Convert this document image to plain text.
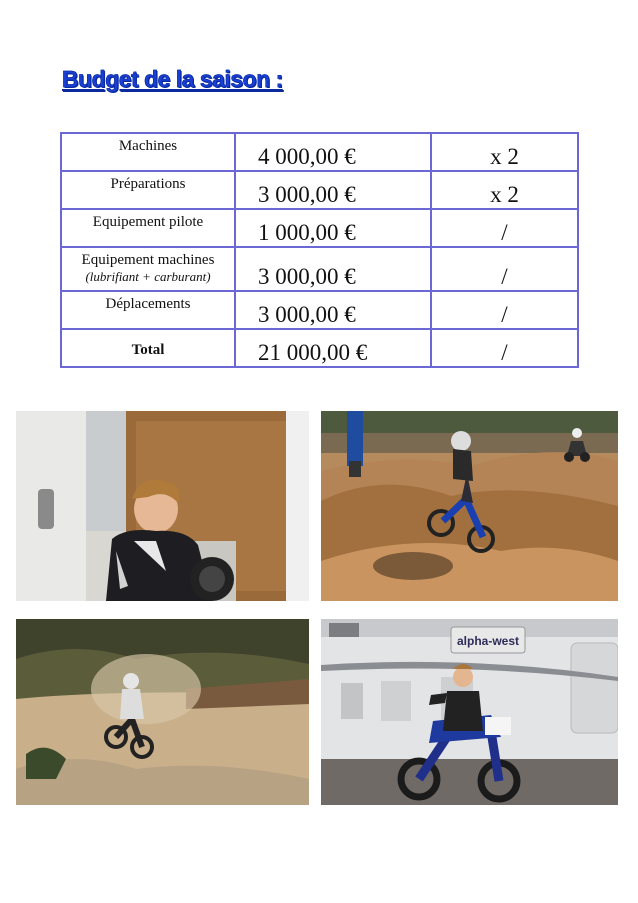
Budget de la saison :
Machines	4 000,00 €	x 2
Préparations	3 000,00 €	x 2
Equipement pilote	1 000,00 €	/
Equipement machines
(lubrifiant + carburant)	3 000,00 €	/
Déplacements	3 000,00 €	/
Total	21 000,00 €	/
alpha-west
